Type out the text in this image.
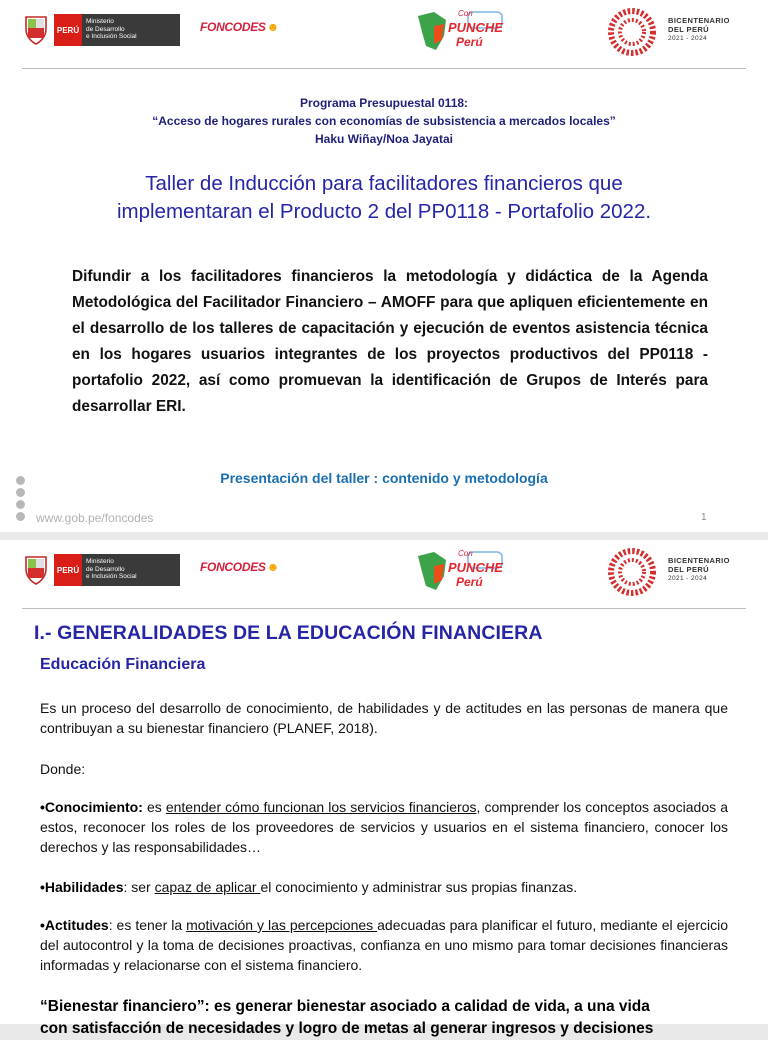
PERÚ
Ministerio
de Desarrollo
e Inclusión Social
FONCODES☻
Con
PUNCHE
Perú
BICENTENARIO
DEL PERÚ
2021 - 2024
Programa Presupuestal 0118:
“Acceso de hogares rurales con economías de subsistencia a mercados locales”
Haku Wiñay/Noa Jayatai
Taller de Inducción para facilitadores financieros que implementaran el Producto 2 del PP0118 - Portafolio 2022.
Difundir a los facilitadores financieros la metodología y didáctica de la Agenda Metodológica del Facilitador Financiero – AMOFF para que apliquen eficientemente en el desarrollo de los talleres de capacitación y ejecución de eventos asistencia técnica en los hogares usuarios integrantes de los proyectos productivos del PP0118 - portafolio 2022, así como promuevan la identificación de Grupos de Interés para desarrollar ERI.
Presentación del taller : contenido y metodología
www.gob.pe/foncodes	1
PERÚ
Ministerio
de Desarrollo
e Inclusión Social
FONCODES☻
Con
PUNCHE
Perú
BICENTENARIO
DEL PERÚ
2021 - 2024
I.- GENERALIDADES DE LA EDUCACIÓN FINANCIERA
Educación Financiera
Es un proceso del desarrollo de conocimiento, de habilidades y de actitudes en las personas de manera que contribuyan a su bienestar financiero (PLANEF, 2018).
Donde:
•Conocimiento: es entender cómo funcionan los servicios financieros, comprender los conceptos asociados a estos, reconocer los roles de los proveedores de servicios y usuarios en el sistema financiero, conocer los derechos y las responsabilidades…
•Habilidades: ser capaz de aplicar el conocimiento y administrar sus propias finanzas.
•Actitudes: es tener la motivación y las percepciones adecuadas para planificar el futuro, mediante el ejercicio del autocontrol y la toma de decisiones proactivas, confianza en uno mismo para tomar decisiones financieras informadas y relacionarse con el sistema financiero.
“Bienestar financiero”: es generar bienestar asociado a calidad de vida, a una vida
con satisfacción de necesidades y logro de metas al generar ingresos y decisiones
